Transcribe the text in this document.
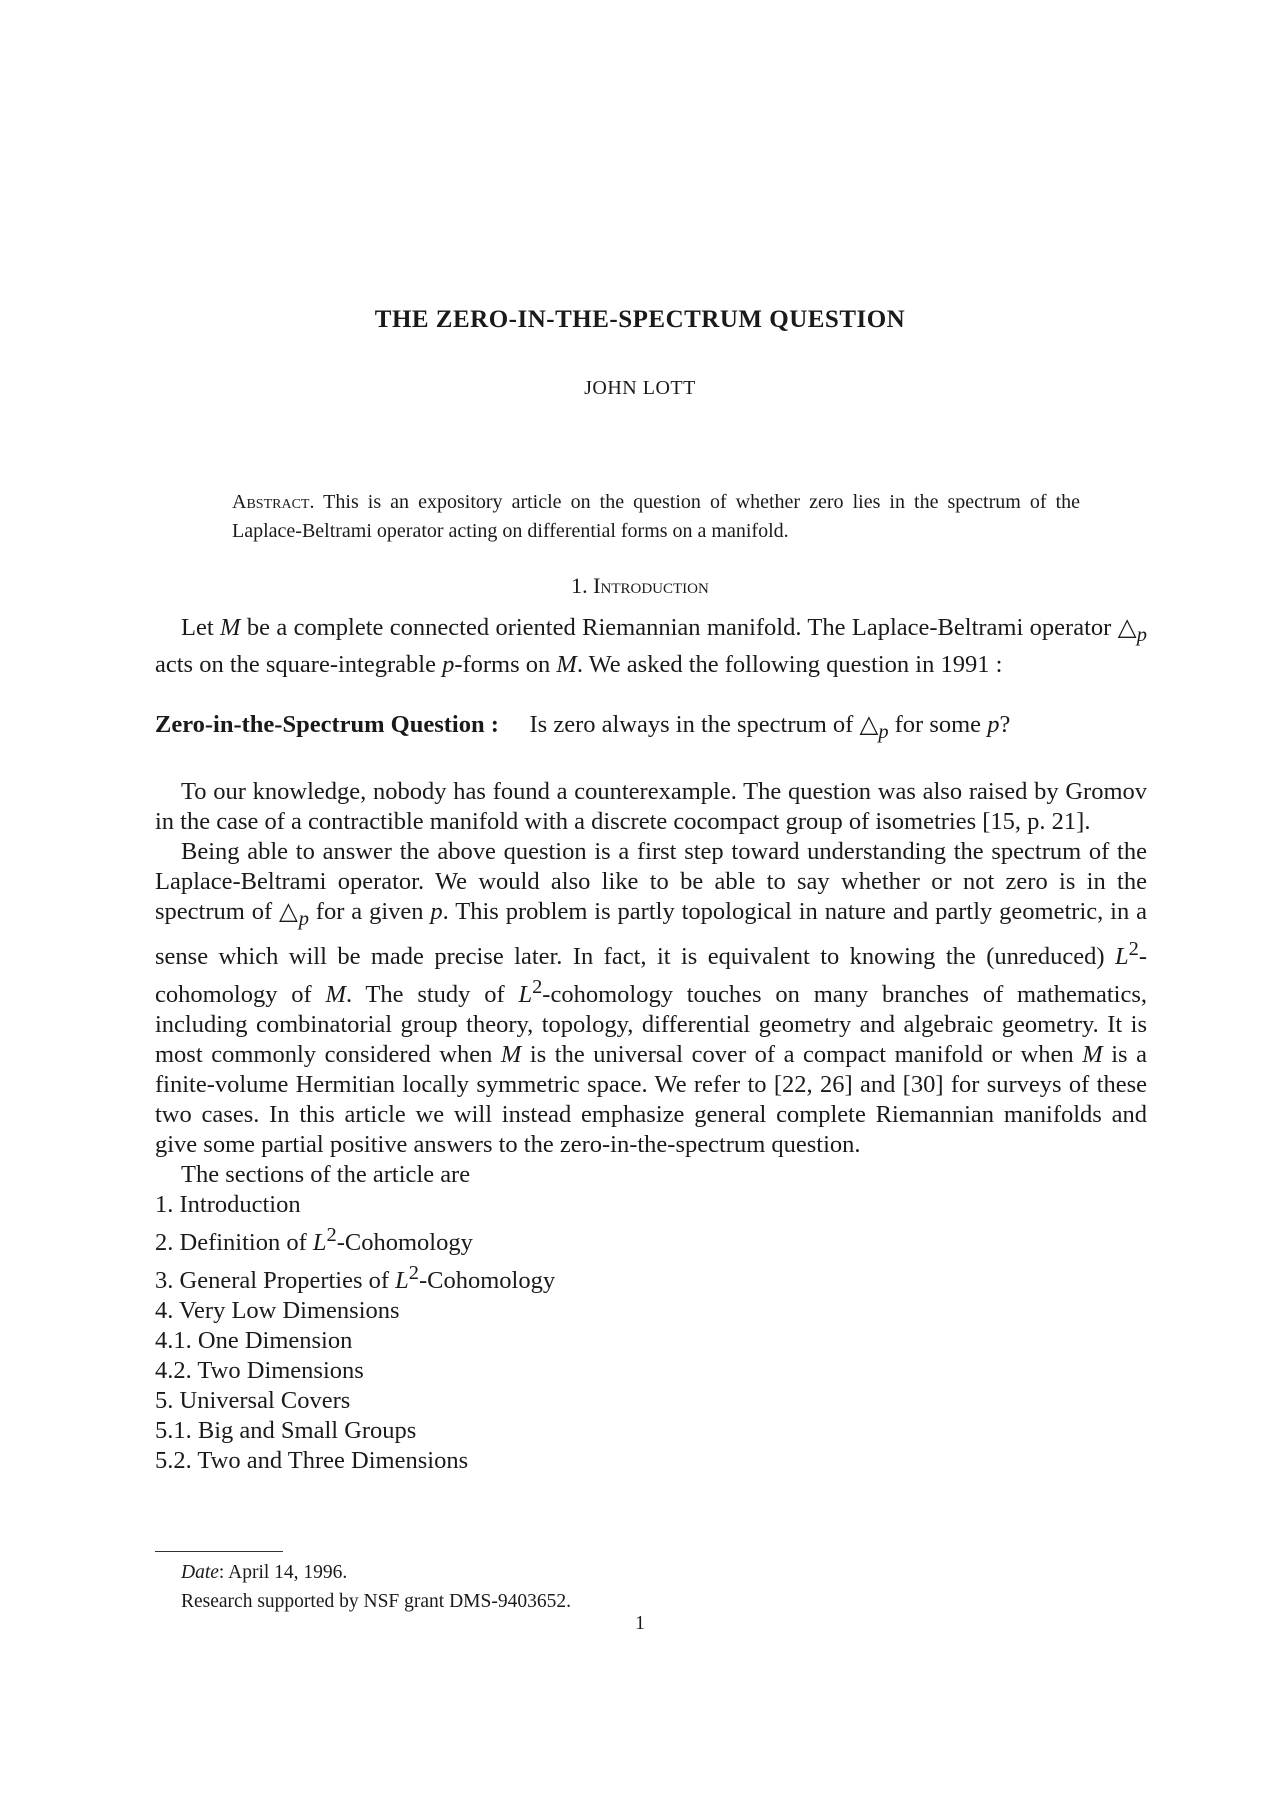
THE ZERO-IN-THE-SPECTRUM QUESTION
JOHN LOTT
Abstract. This is an expository article on the question of whether zero lies in the spectrum of the Laplace-Beltrami operator acting on differential forms on a manifold.
1. Introduction

Let M be a complete connected oriented Riemannian manifold. The Laplace-Beltrami operator $\triangle_p$ acts on the square-integrable p-forms on M. We asked the following question in 1991 :

Zero-in-the-Spectrum Question : Is zero always in the spectrum of $\triangle_p$ for some p?

To our knowledge, nobody has found a counterexample. The question was also raised by Gromov in the case of a contractible manifold with a discrete cocompact group of isometries [15, p. 21].

Being able to answer the above question is a first step toward understanding the spectrum of the Laplace-Beltrami operator. We would also like to be able to say whether or not zero is in the spectrum of $\triangle_p$ for a given p. This problem is partly topological in nature and partly geometric, in a sense which will be made precise later. In fact, it is equivalent to knowing the (unreduced) $L^2$-cohomology of M. The study of $L^2$-cohomology touches on many branches of mathematics, including combinatorial group theory, topology, differential geometry and algebraic geometry. It is most commonly considered when M is the universal cover of a compact manifold or when M is a finite-volume Hermitian locally symmetric space. We refer to [22, 26] and [30] for surveys of these two cases. In this article we will instead emphasize general complete Riemannian manifolds and give some partial positive answers to the zero-in-the-spectrum question.

The sections of the article are

1. Introduction
2. Definition of $L^2$-Cohomology
3. General Properties of $L^2$-Cohomology
4. Very Low Dimensions
4.1. One Dimension
4.2. Two Dimensions
5. Universal Covers
5.1. Big and Small Groups
5.2. Two and Three Dimensions
Date: April 14, 1996.
Research supported by NSF grant DMS-9403652.
1
